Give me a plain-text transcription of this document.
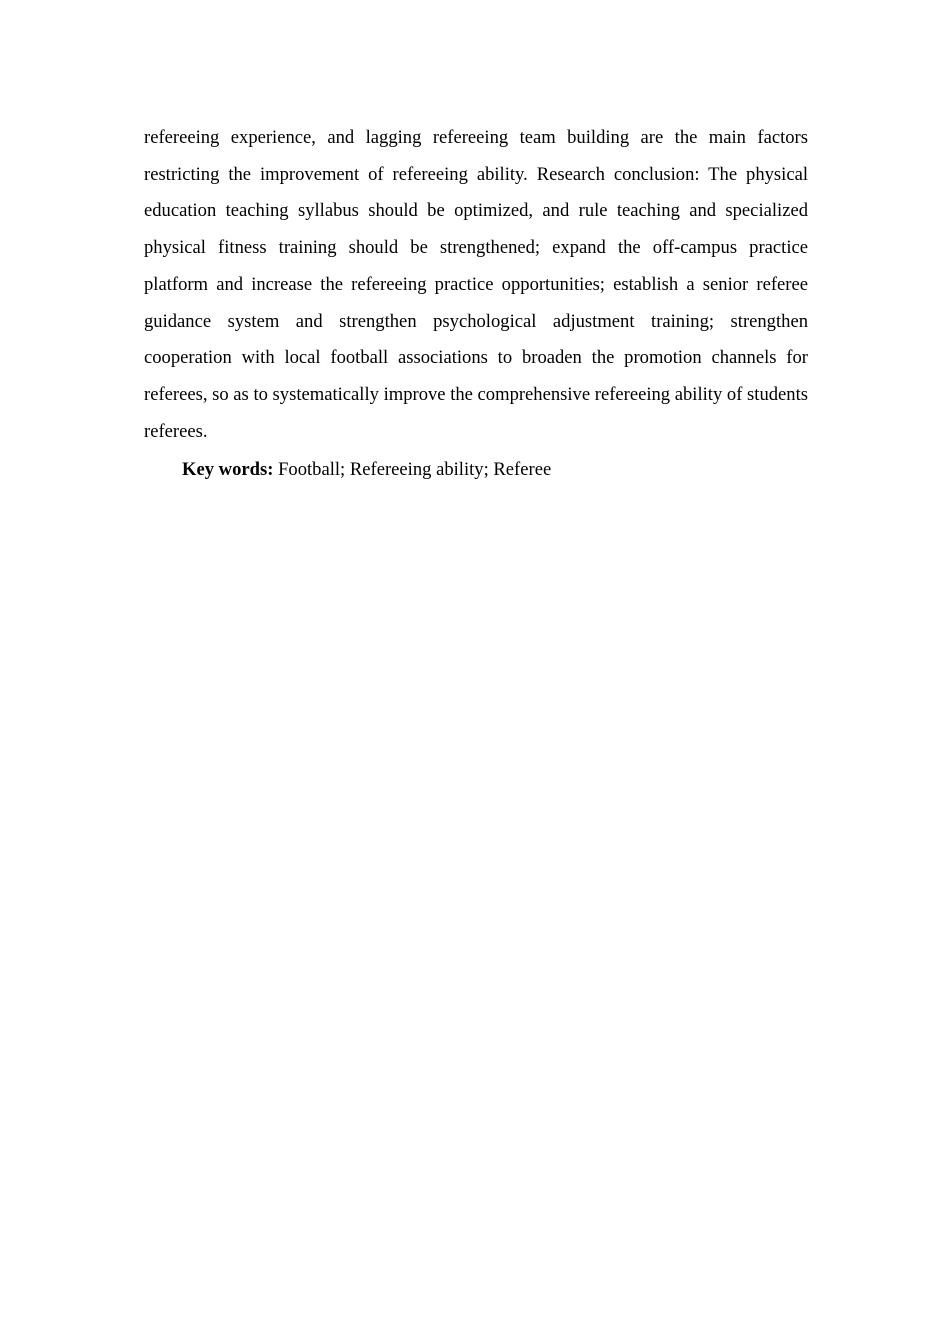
refereeing experience, and lagging refereeing team building are the main factors restricting the improvement of refereeing ability. Research conclusion: The physical education teaching syllabus should be optimized, and rule teaching and specialized physical fitness training should be strengthened; expand the off-campus practice platform and increase the refereeing practice opportunities; establish a senior referee guidance system and strengthen psychological adjustment training; strengthen cooperation with local football associations to broaden the promotion channels for referees, so as to systematically improve the comprehensive refereeing ability of students referees.

Key words: Football; Refereeing ability; Referee
